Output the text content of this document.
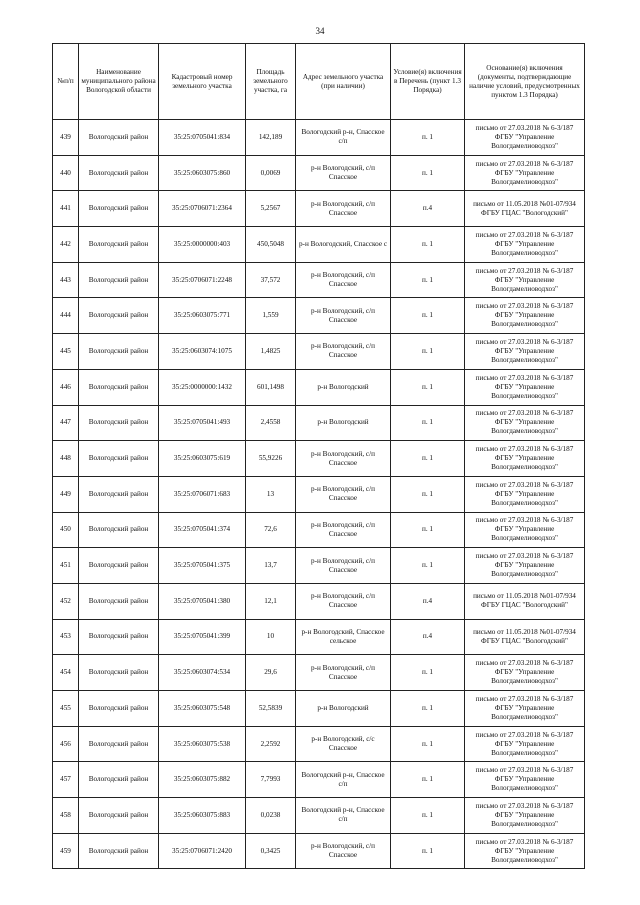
34
№п/п	Наименование муниципального района Вологодской области	Кадастровый номер земельного участка	Площадь земельного участка, га	Адрес земельного участка (при наличии)	Условие(я) включения в Перечень (пункт 1.3 Порядка)	Основание(я) включения (документы, подтверждающие наличие условий, предусмотренных пунктом 1.3 Порядка)
439	Вологодский район	35:25:0705041:834	142,189	Вологодский р-н, Спасское с/п	п. 1	письмо от 27.03.2018 № 6-3/187 ФГБУ "Управление Вологдамелиоводхоз"
440	Вологодский район	35:25:0603075:860	0,0069	р-н Вологодский, с/п Спасское	п. 1	письмо от 27.03.2018 № 6-3/187 ФГБУ "Управление Вологдамелиоводхоз"
441	Вологодский район	35:25:0706071:2364	5,2567	р-н Вологодский, с/п Спасское	п.4	письмо от 11.05.2018 №01-07/934 ФГБУ ГЦАС "Вологодский"
442	Вологодский район	35:25:0000000:403	450,5048	р-н Вологодский, Спасское с	п. 1	письмо от 27.03.2018 № 6-3/187 ФГБУ "Управление Вологдамелиоводхоз"
443	Вологодский район	35:25:0706071:2248	37,572	р-н Вологодский, с/п Спасское	п. 1	письмо от 27.03.2018 № 6-3/187 ФГБУ "Управление Вологдамелиоводхоз"
444	Вологодский район	35:25:0603075:771	1,559	р-н Вологодский, с/п Спасское	п. 1	письмо от 27.03.2018 № 6-3/187 ФГБУ "Управление Вологдамелиоводхоз"
445	Вологодский район	35:25:0603074:1075	1,4825	р-н Вологодский, с/п Спасское	п. 1	письмо от 27.03.2018 № 6-3/187 ФГБУ "Управление Вологдамелиоводхоз"
446	Вологодский район	35:25:0000000:1432	601,1498	р-н Вологодский	п. 1	письмо от 27.03.2018 № 6-3/187 ФГБУ "Управление Вологдамелиоводхоз"
447	Вологодский район	35:25:0705041:493	2,4558	р-н Вологодский	п. 1	письмо от 27.03.2018 № 6-3/187 ФГБУ "Управление Вологдамелиоводхоз"
448	Вологодский район	35:25:0603075:619	55,9226	р-н Вологодский, с/п Спасское	п. 1	письмо от 27.03.2018 № 6-3/187 ФГБУ "Управление Вологдамелиоводхоз"
449	Вологодский район	35:25:0706071:683	13	р-н Вологодский, с/п Спасское	п. 1	письмо от 27.03.2018 № 6-3/187 ФГБУ "Управление Вологдамелиоводхоз"
450	Вологодский район	35:25:0705041:374	72,6	р-н Вологодский, с/п Спасское	п. 1	письмо от 27.03.2018 № 6-3/187 ФГБУ "Управление Вологдамелиоводхоз"
451	Вологодский район	35:25:0705041:375	13,7	р-н Вологодский, с/п Спасское	п. 1	письмо от 27.03.2018 № 6-3/187 ФГБУ "Управление Вологдамелиоводхоз"
452	Вологодский район	35:25:0705041:380	12,1	р-н Вологодский, с/п Спасское	п.4	письмо от 11.05.2018 №01-07/934 ФГБУ ГЦАС "Вологодский"
453	Вологодский район	35:25:0705041:399	10	р-н Вологодский, Спасское сельское	п.4	письмо от 11.05.2018 №01-07/934 ФГБУ ГЦАС "Вологодский"
454	Вологодский район	35:25:0603074:534	29,6	р-н Вологодский, с/п Спасское	п. 1	письмо от 27.03.2018 № 6-3/187 ФГБУ "Управление Вологдамелиоводхоз"
455	Вологодский район	35:25:0603075:548	52,5839	р-н Вологодский	п. 1	письмо от 27.03.2018 № 6-3/187 ФГБУ "Управление Вологдамелиоводхоз"
456	Вологодский район	35:25:0603075:538	2,2592	р-н Вологодский, с/с Спасское	п. 1	письмо от 27.03.2018 № 6-3/187 ФГБУ "Управление Вологдамелиоводхоз"
457	Вологодский район	35:25:0603075:882	7,7993	Вологодский р-н, Спасское с/п	п. 1	письмо от 27.03.2018 № 6-3/187 ФГБУ "Управление Вологдамелиоводхоз"
458	Вологодский район	35:25:0603075:883	0,0238	Вологодский р-н, Спасское с/п	п. 1	письмо от 27.03.2018 № 6-3/187 ФГБУ "Управление Вологдамелиоводхоз"
459	Вологодский район	35:25:0706071:2420	0,3425	р-н Вологодский, с/п Спасское	п. 1	письмо от 27.03.2018 № 6-3/187 ФГБУ "Управление Вологдамелиоводхоз"
